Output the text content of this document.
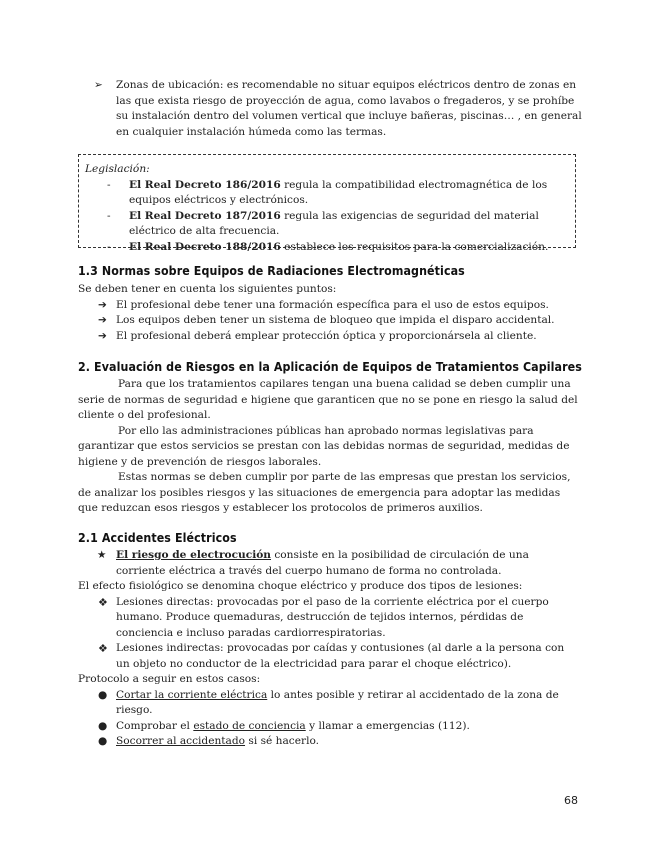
➢	Zonas de ubicación: es recomendable no situar equipos eléctricos dentro de zonas en las que exista riesgo de proyección de agua, como lavabos o fregaderos, y se prohíbe su instalación dentro del volumen vertical que incluye bañeras, piscinas… , en general en cualquier instalación húmeda como las termas.
Legislación:
- El Real Decreto 186/2016 regula la compatibilidad electromagnética de los equipos eléctricos y electrónicos.
- El Real Decreto 187/2016 regula las exigencias de seguridad del material eléctrico de alta frecuencia.
- El Real Decreto 188/2016 establece los requisitos para la comercialización.
1.3 Normas sobre Equipos de Radiaciones Electromagnéticas
Se deben tener en cuenta los siguientes puntos:
➔ El profesional debe tener una formación específica para el uso de estos equipos.
➔ Los equipos deben tener un sistema de bloqueo que impida el disparo accidental.
➔ El profesional deberá emplear protección óptica y proporcionársela al cliente.
2. Evaluación de Riesgos en la Aplicación de Equipos de Tratamientos Capilares
Para que los tratamientos capilares tengan una buena calidad se deben cumplir una serie de normas de seguridad e higiene que garanticen que no se pone en riesgo la salud del cliente o del profesional.
Por ello las administraciones públicas han aprobado normas legislativas para garantizar que estos servicios se prestan con las debidas normas de seguridad, medidas de higiene y de prevención de riesgos laborales.
Estas normas se deben cumplir por parte de las empresas que prestan los servicios, de analizar los posibles riesgos y las situaciones de emergencia para adoptar las medidas que reduzcan esos riesgos y establecer los protocolos de primeros auxilios.
2.1 Accidentes Eléctricos
★ El riesgo de electrocución consiste en la posibilidad de circulación de una corriente eléctrica a través del cuerpo humano de forma no controlada.
El efecto fisiológico se denomina choque eléctrico y produce dos tipos de lesiones:
❖ Lesiones directas: provocadas por el paso de la corriente eléctrica por el cuerpo humano. Produce quemaduras, destrucción de tejidos internos, pérdidas de conciencia e incluso paradas cardiorrespiratorias.
❖ Lesiones indirectas: provocadas por caídas y contusiones (al darle a la persona con un objeto no conductor de la electricidad para parar el choque eléctrico).
Protocolo a seguir en estos casos:
● Cortar la corriente eléctrica lo antes posible y retirar al accidentado de la zona de riesgo.
● Comprobar el estado de conciencia y llamar a emergencias (112).
● Socorrer al accidentado si sé hacerlo.
68
